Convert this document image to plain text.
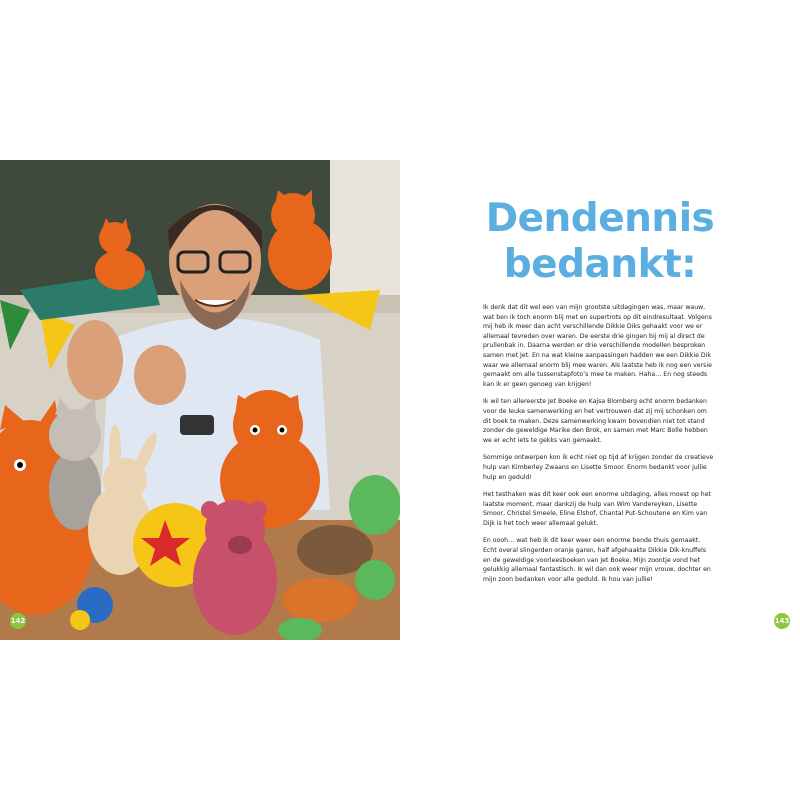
142
Dendennis
bedankt:

Ik denk dat dit wel een van mijn grootste uitdagingen was, maar wauw, wat ben ik toch enorm blij met en supertrots op dit eindresultaat. Volgens mij heb ik meer dan acht verschillende Dikkie Diks gehaakt voor we er allemaal tevreden over waren. De eerste drie gingen bij mij al direct de prullenbak in. Daarna werden er drie verschillende modellen besproken samen met Jet. En na wat kleine aanpassingen hadden we een Dikkie Dik waar we allemaal enorm blij mee waren. Als laatste heb ik nog een versie gemaakt om alle tussenstapfoto’s mee te maken. Haha… En nog steeds kan ik er geen genoeg van krijgen!

Ik wil ten allereerste Jet Boeke en Kajsa Blomberg echt enorm bedanken voor de leuke samenwerking en het vertrouwen dat zij mij schonken om dit boek te maken. Deze samenwerking kwam bovendien niet tot stand zonder de geweldige Marike den Brok, en samen met Marc Bolle hebben we er echt iets te gekks van gemaakt.

Sommige ontwerpen kon ik echt niet op tijd af krijgen zonder de creatieve hulp van Kimberley Zwaans en Lisette Smoor. Enorm bedankt voor jullie hulp en geduld!

Het testhaken was dit keer ook een enorme uitdaging, alles moest op het laatste moment, maar dankzij de hulp van Wim Vandereyken, Lisette Smoor, Christel Smeele, Eline Elshof, Chantal Put-Schoutene en Kim van Dijk is het toch weer allemaal gelukt.

En oooh… wat heb ik dit keer weer een enorme bende thuis gemaakt. Echt overal slingerden oranje garen, half afgehaakte Dikkie Dik-knuffels en de geweldige voorleesboeken van Jet Boeke. Mijn zoontje vond het gelukkig allemaal fantastisch. Ik wil dan ook weer mijn vrouw, dochter en mijn zoon bedanken voor alle geduld. Ik hou van jullie!

143
